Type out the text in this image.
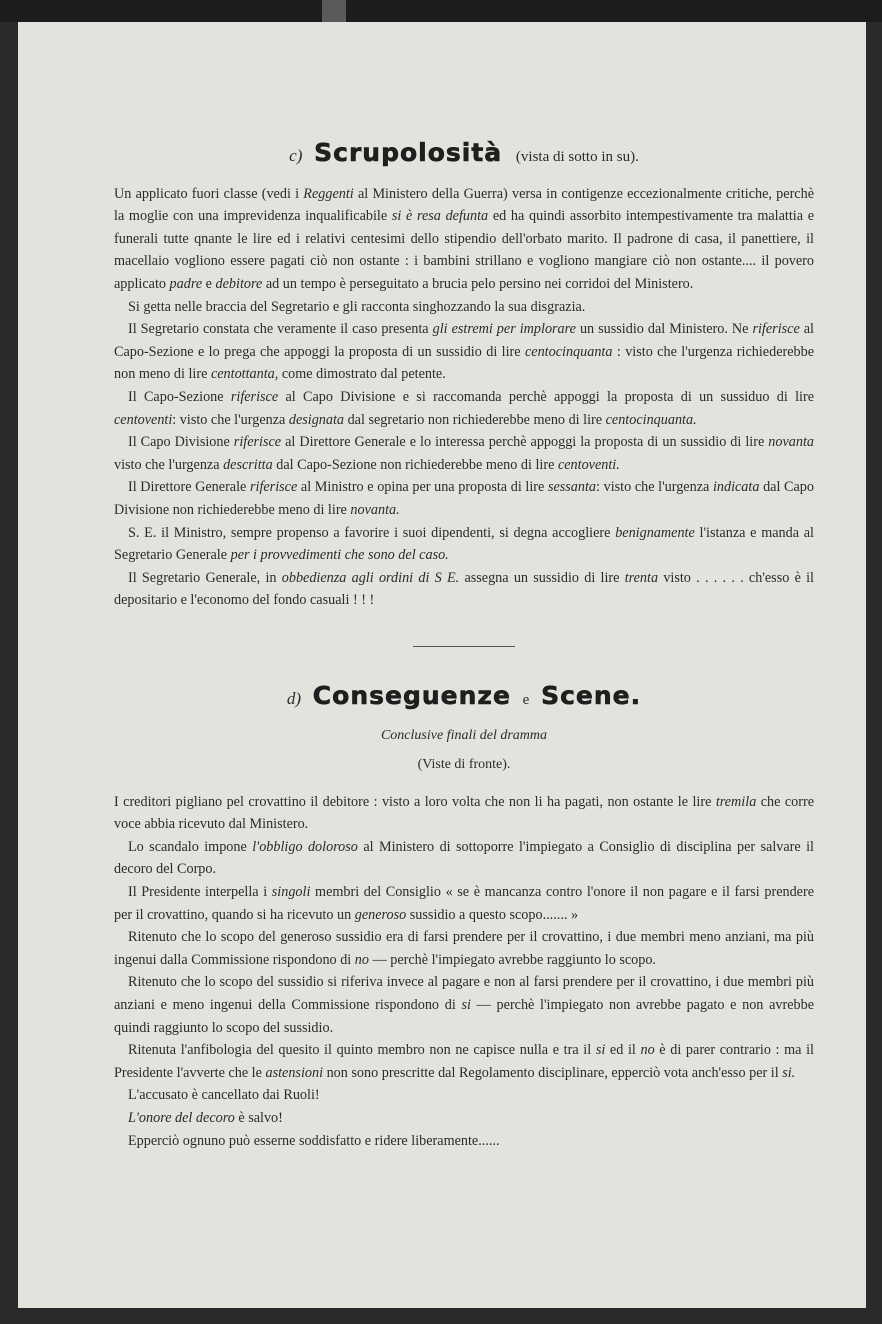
c) Scrupolosità (vista di sotto in su).

Un applicato fuori classe (vedi i Reggenti al Ministero della Guerra) versa in contigenze eccezionalmente critiche, perchè la moglie con una imprevidenza inqualificabile si è resa defunta ed ha quindi assorbito intempestivamente tra malattia e funerali tutte qnante le lire ed i relativi centesimi dello stipendio dell'orbato marito. Il padrone di casa, il panettiere, il macellaio vogliono essere pagati ciò non ostante : i bambini strillano e vogliono mangiare ciò non ostante.... il povero applicato padre e debitore ad un tempo è perseguitato a brucia pelo persino nei corridoi del Ministero.

Si getta nelle braccia del Segretario e gli racconta singhozzando la sua disgrazia.

Il Segretario constata che veramente il caso presenta gli estremi per implorare un sussidio dal Ministero. Ne riferisce al Capo-Sezione e lo prega che appoggi la proposta di un sussidio di lire centocinquanta : visto che l'urgenza richiederebbe non meno di lire centottanta, come dimostrato dal petente.

Il Capo-Sezione riferisce al Capo Divisione e si raccomanda perchè appoggi la proposta di un sussiduo di lire centoventi: visto che l'urgenza designata dal segretario non richiederebbe meno di lire centocinquanta.

Il Capo Divisione riferisce al Direttore Generale e lo interessa perchè appoggi la proposta di un sussidio di lire novanta visto che l'urgenza descritta dal Capo-Sezione non richiederebbe meno di lire centoventi.

Il Direttore Generale riferisce al Ministro e opina per una proposta di lire sessanta: visto che l'urgenza indicata dal Capo Divisione non richiederebbe meno di lire novanta.

S. E. il Ministro, sempre propenso a favorire i suoi dipendenti, si degna accogliere benignamente l'istanza e manda al Segretario Generale per i provvedimenti che sono del caso.

Il Segretario Generale, in obbedienza agli ordini di S E. assegna un sussidio di lire trenta visto . . . . . . ch'esso è il depositario e l'economo del fondo casuali ! ! !

d) Conseguenze e Scene.
Conclusive finali del dramma
(Viste di fronte).

I creditori pigliano pel crovattino il debitore : visto a loro volta che non li ha pagati, non ostante le lire tremila che corre voce abbia ricevuto dal Ministero.

Lo scandalo impone l'obbligo doloroso al Ministero di sottoporre l'impiegato a Consiglio di disciplina per salvare il decoro del Corpo.

Il Presidente interpella i singoli membri del Consiglio « se è mancanza contro l'onore il non pagare e il farsi prendere per il crovattino, quando si ha ricevuto un generoso sussidio a questo scopo....... »

Ritenuto che lo scopo del generoso sussidio era di farsi prendere per il crovattino, i due membri meno anziani, ma più ingenui dalla Commissione rispondono di no — perchè l'impiegato avrebbe raggiunto lo scopo.

Ritenuto che lo scopo del sussidio si riferiva invece al pagare e non al farsi prendere per il crovattino, i due membri più anziani e meno ingenui della Commissione rispondono di si — perchè l'impiegato non avrebbe pagato e non avrebbe quindi raggiunto lo scopo del sussidio.

Ritenuta l'anfibologia del quesito il quinto membro non ne capisce nulla e tra il si ed il no è di parer contrario : ma il Presidente l'avverte che le astensioni non sono prescritte dal Regolamento disciplinare, epperciò vota anch'esso per il si.

L'accusato è cancellato dai Ruoli!

L'onore del decoro è salvo!

Epperciò ognuno può esserne soddisfatto e ridere liberamente......
